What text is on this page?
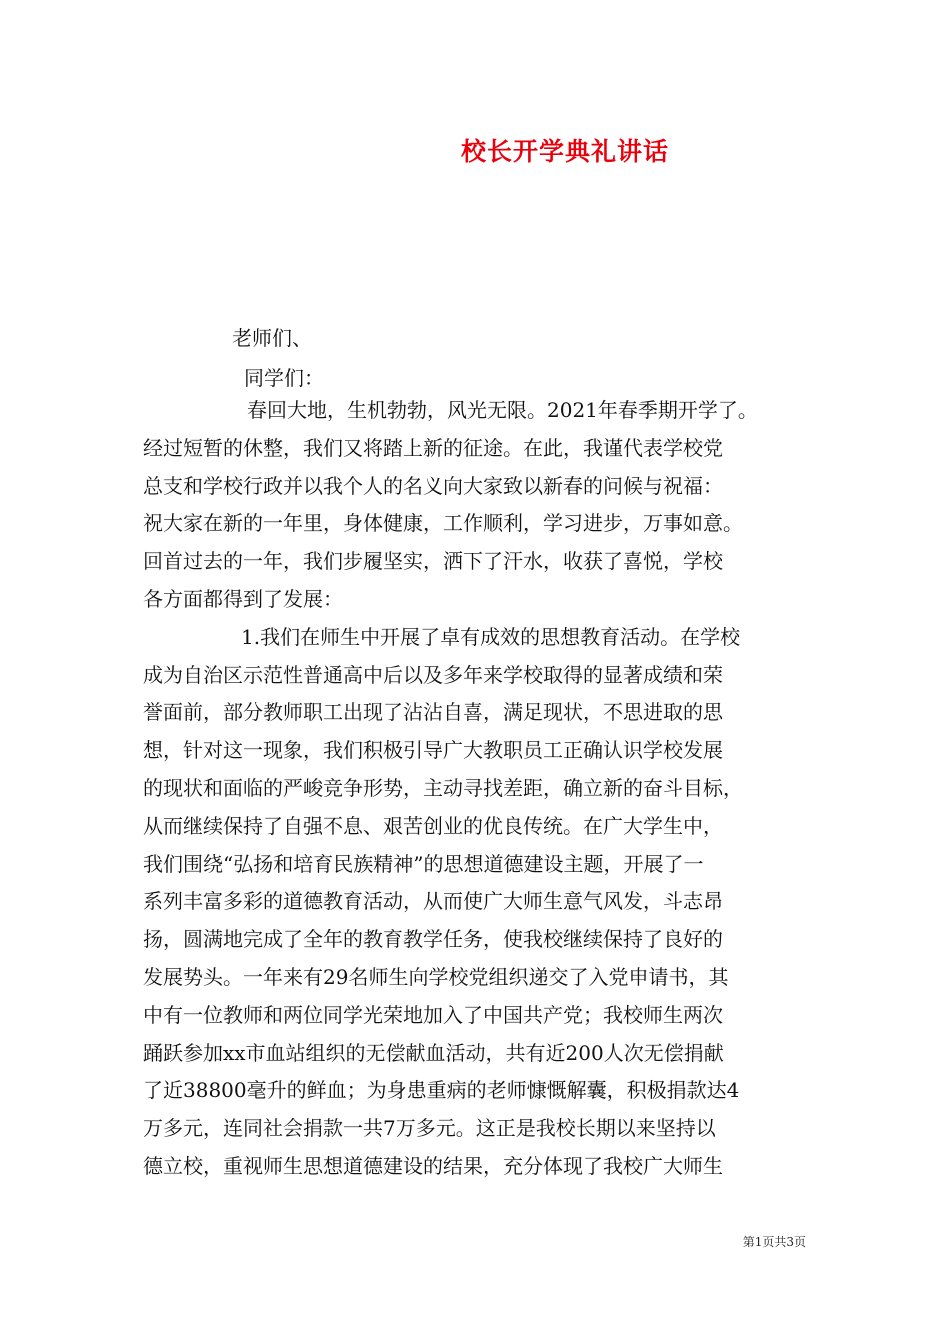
校长开学典礼讲话
老师们、
同学们：
春回大地，生机勃勃，风光无限。2021年春季期开学了。
经过短暂的休整，我们又将踏上新的征途。在此，我谨代表学校党
总支和学校行政并以我个人的名义向大家致以新春的问候与祝福：
祝大家在新的一年里，身体健康，工作顺利，学习进步，万事如意。
回首过去的一年，我们步履坚实，洒下了汗水，收获了喜悦，学校
各方面都得到了发展：
1.我们在师生中开展了卓有成效的思想教育活动。在学校
成为自治区示范性普通高中后以及多年来学校取得的显著成绩和荣
誉面前，部分教师职工出现了沾沾自喜，满足现状，不思进取的思
想，针对这一现象，我们积极引导广大教职员工正确认识学校发展
的现状和面临的严峻竞争形势，主动寻找差距，确立新的奋斗目标，
从而继续保持了自强不息、艰苦创业的优良传统。在广大学生中，
我们围绕“弘扬和培育民族精神”的思想道德建设主题，开展了一
系列丰富多彩的道德教育活动，从而使广大师生意气风发，斗志昂
扬，圆满地完成了全年的教育教学任务，使我校继续保持了良好的
发展势头。一年来有29名师生向学校党组织递交了入党申请书，其
中有一位教师和两位同学光荣地加入了中国共产党；我校师生两次
踊跃参加xx市血站组织的无偿献血活动，共有近200人次无偿捐献
了近38800毫升的鲜血；为身患重病的老师慷慨解囊，积极捐款达4
万多元，连同社会捐款一共7万多元。这正是我校长期以来坚持以
德立校，重视师生思想道德建设的结果，充分体现了我校广大师生
第1页共3页
